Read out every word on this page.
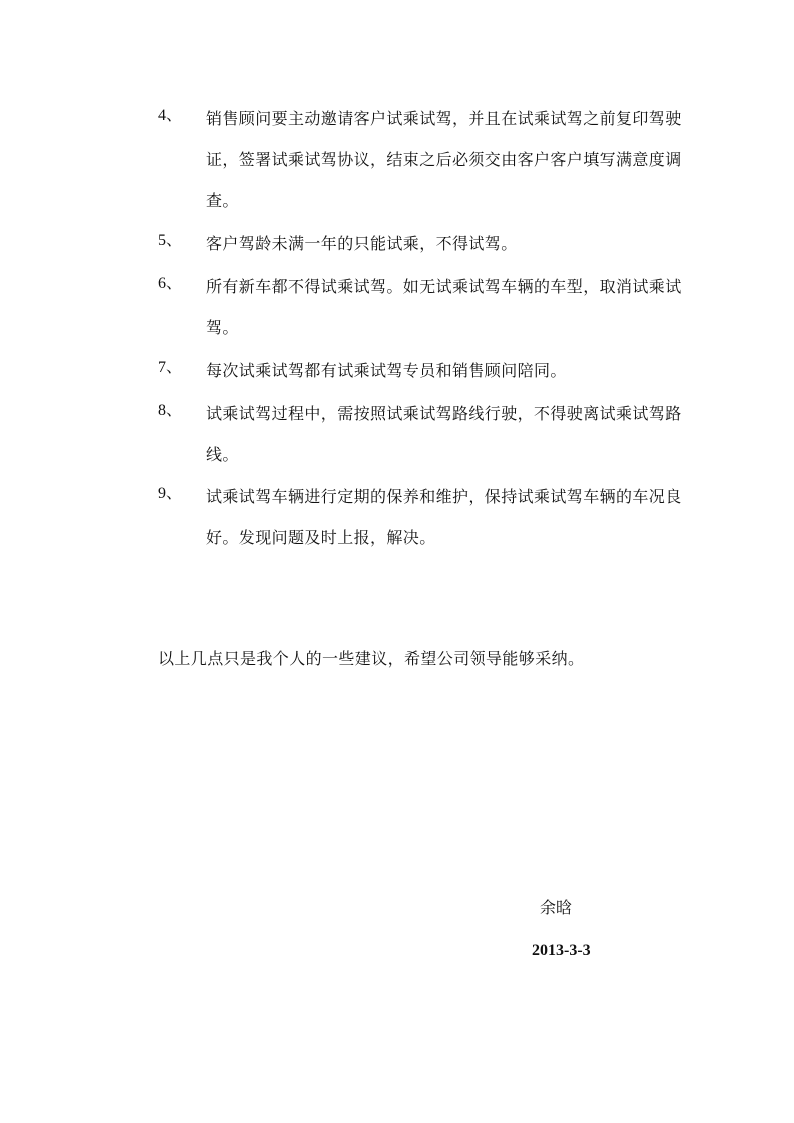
4、 销售顾问要主动邀请客户试乘试驾，并且在试乘试驾之前复印驾驶证，签署试乘试驾协议，结束之后必须交由客户客户填写满意度调查。
5、 客户驾龄未满一年的只能试乘，不得试驾。
6、 所有新车都不得试乘试驾。如无试乘试驾车辆的车型，取消试乘试驾。
7、 每次试乘试驾都有试乘试驾专员和销售顾问陪同。
8、 试乘试驾过程中，需按照试乘试驾路线行驶，不得驶离试乘试驾路线。
9、 试乘试驾车辆进行定期的保养和维护，保持试乘试驾车辆的车况良好。发现问题及时上报，解决。
以上几点只是我个人的一些建议，希望公司领导能够采纳。
余晗
2013-3-3
